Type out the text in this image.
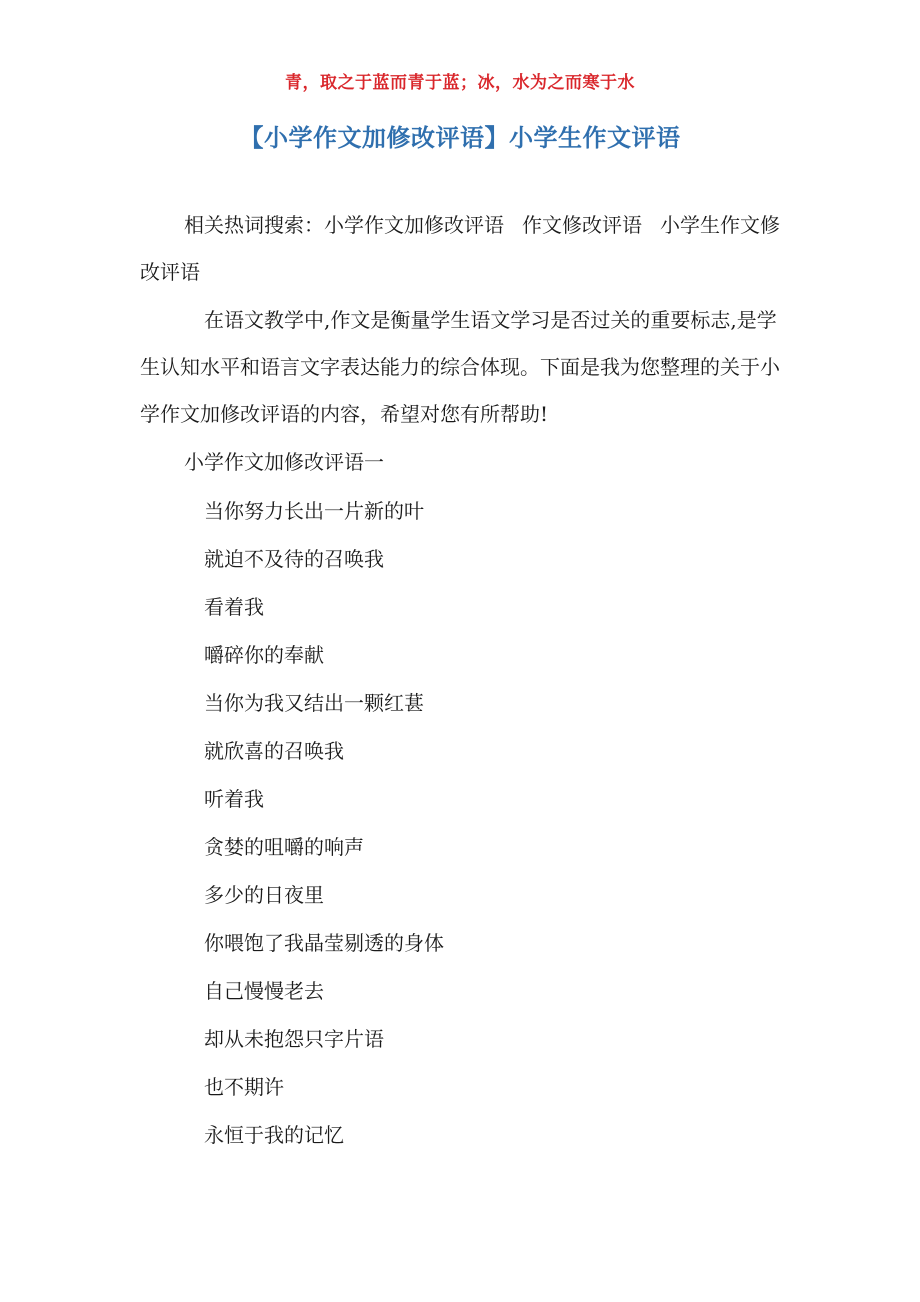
青，取之于蓝而青于蓝；冰，水为之而寒于水
【小学作文加修改评语】小学生作文评语

相关热词搜索：小学作文加修改评语 作文修改评语 小学生作文修改评语

在语文教学中,作文是衡量学生语文学习是否过关的重要标志,是学生认知水平和语言文字表达能力的综合体现。下面是我为您整理的关于小学作文加修改评语的内容，希望对您有所帮助!

小学作文加修改评语一

当你努力长出一片新的叶
就迫不及待的召唤我
看着我
嚼碎你的奉献
当你为我又结出一颗红葚
就欣喜的召唤我
听着我
贪婪的咀嚼的响声
多少的日夜里
你喂饱了我晶莹剔透的身体
自己慢慢老去
却从未抱怨只字片语
也不期许
永恒于我的记忆
